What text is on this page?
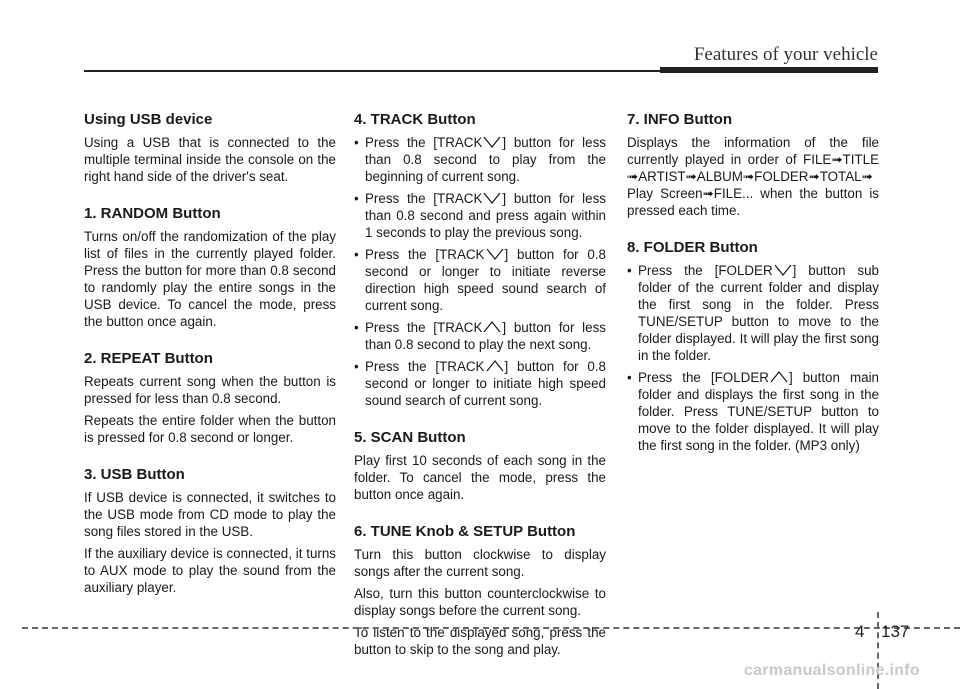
Features of your vehicle
Using USB device

Using a USB that is connected to the multiple terminal inside the console on the right hand side of the driver's seat.

1. RANDOM Button

Turns on/off the randomization of the play list of files in the currently played folder. Press the button for more than 0.8 second to randomly play the entire songs in the USB device. To cancel the mode, press the button once again.

2. REPEAT Button

Repeats current song when the button is pressed for less than 0.8 second.

Repeats the entire folder when the button is pressed for 0.8 second or longer.

3. USB Button

If USB device is connected, it switches to the USB mode from CD mode to play the song files stored in the USB.

If the auxiliary device is connected, it turns to AUX mode to play the sound from the auxiliary player.

4. TRACK Button
• Press the [TRACK ] button for less than 0.8 second to play from the beginning of current song.
• Press the [TRACK ] button for less than 0.8 second and press again within 1 seconds to play the previous song.
• Press the [TRACK ] button for 0.8 second or longer to initiate reverse direction high speed sound search of current song.
• Press the [TRACK ] button for less than 0.8 second to play the next song.
• Press the [TRACK ] button for 0.8 second or longer to initiate high speed sound search of current song.
5. SCAN Button

Play first 10 seconds of each song in the folder. To cancel the mode, press the button once again.

6. TUNE Knob & SETUP Button

Turn this button clockwise to display songs after the current song.

Also, turn this button counterclockwise to display songs before the current song.

To listen to the displayed song, press the button to skip to the song and play.

7. INFO Button

Displays the information of the file currently played in order of FILE➟TITLE ➟ARTIST➟ALBUM➟FOLDER➟TOTAL➟ Play Screen➟FILE... when the button is pressed each time.

8. FOLDER Button
• Press the [FOLDER ] button sub folder of the current folder and display the first song in the folder. Press TUNE/SETUP button to move to the folder displayed. It will play the first song in the folder.
• Press the [FOLDER ] button main folder and displays the first song in the folder. Press TUNE/SETUP button to move to the folder displayed. It will play the first song in the folder. (MP3 only)
4 137
carmanualsonline.info
